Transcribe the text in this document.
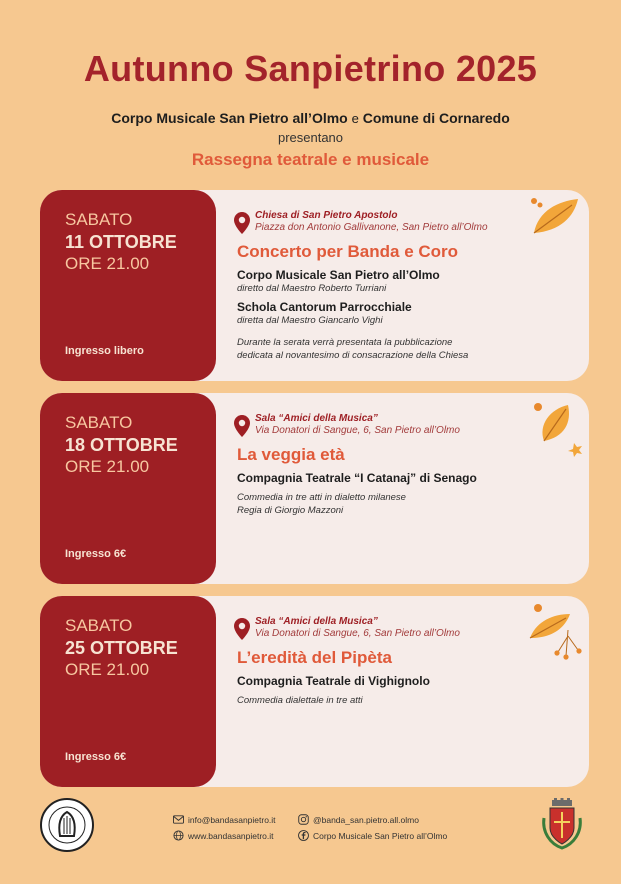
Autunno Sanpietrino 2025
Corpo Musicale San Pietro all’Olmo e Comune di Cornaredo
presentano
Rassegna teatrale e musicale
SABATO
11 OTTOBRE
ORE 21.00
Ingresso libero
Chiesa di San Pietro Apostolo
Piazza don Antonio Gallivanone, San Pietro all’Olmo
Concerto per Banda e Coro
Corpo Musicale San Pietro all’Olmo
diretto dal Maestro Roberto Turriani
Schola Cantorum Parrocchiale
diretta dal Maestro Giancarlo Vighi
Durante la serata verrà presentata la pubblicazione
dedicata al novantesimo di consacrazione della Chiesa
SABATO
18 OTTOBRE
ORE 21.00
Ingresso 6€
Sala “Amici della Musica”
Via Donatori di Sangue, 6, San Pietro all’Olmo
La veggia età
Compagnia Teatrale “I Catanaj” di Senago
Commedia in tre atti in dialetto milanese
Regia di Giorgio Mazzoni
SABATO
25 OTTOBRE
ORE 21.00
Ingresso 6€
Sala “Amici della Musica”
Via Donatori di Sangue, 6, San Pietro all’Olmo
L’eredità del Pipèta
Compagnia Teatrale di Vighignolo
Commedia dialettale in tre atti
info@bandasanpietro.it
www.bandasanpietro.it
@banda_san.pietro.all.olmo
Corpo Musicale San Pietro all’Olmo
